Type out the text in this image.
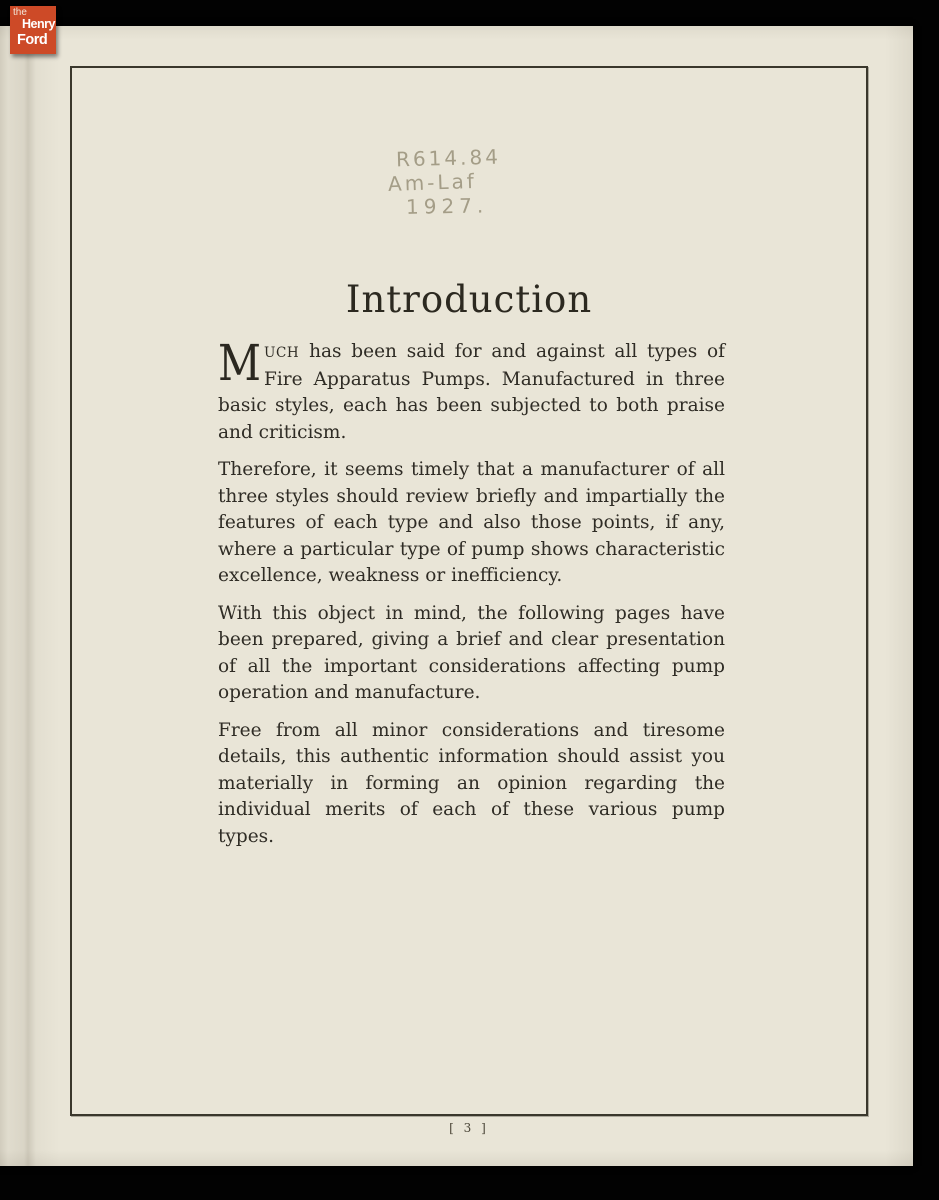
R614.84
Am-Laf
1927.
Introduction

MUCH has been said for and against all types of Fire Apparatus Pumps. Manufactured in three basic styles, each has been subjected to both praise and criticism.

Therefore, it seems timely that a manufacturer of all three styles should review briefly and impartially the features of each type and also those points, if any, where a particular type of pump shows characteristic excellence, weakness or inefficiency.

With this object in mind, the following pages have been prepared, giving a brief and clear presentation of all the important considerations affecting pump operation and manufacture.

Free from all minor considerations and tiresome details, this authentic information should assist you materially in forming an opinion regarding the individual merits of each of these various pump types.

[ 3 ]
the
Henry
Ford
